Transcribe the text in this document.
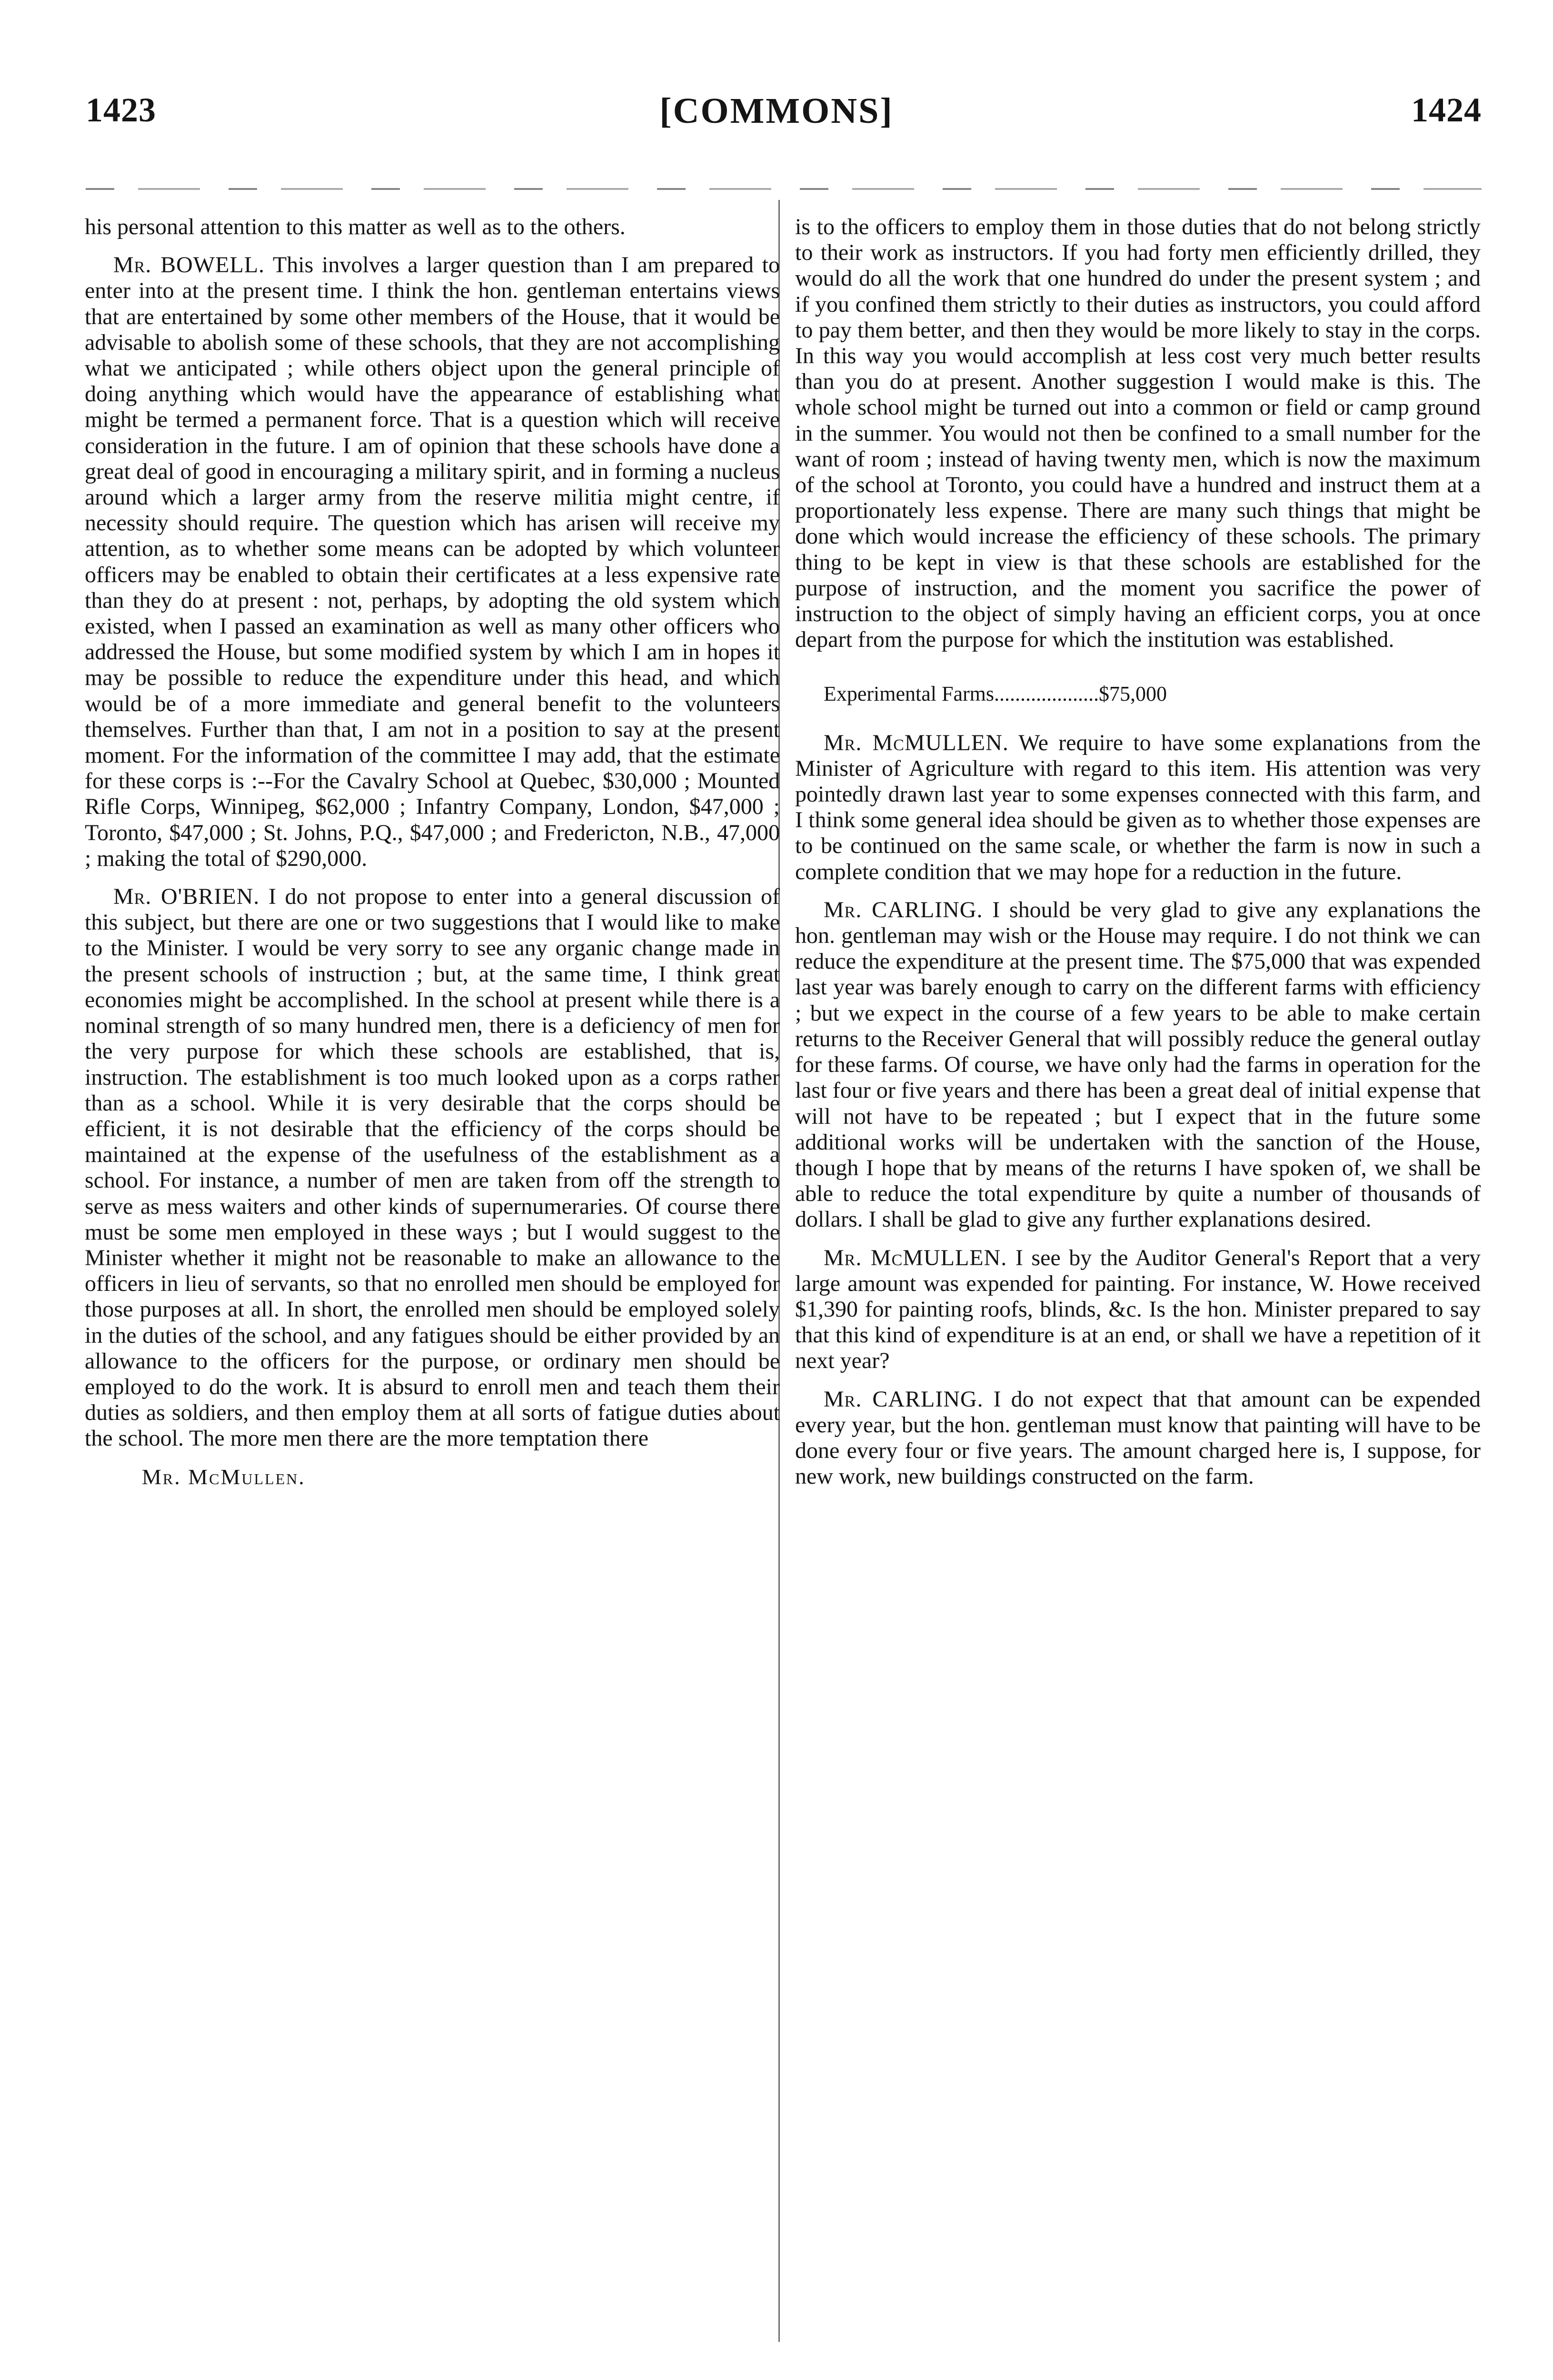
1423	[COMMONS]	1424

his personal attention to this matter as well as to the others.

Mr. BOWELL. This involves a larger question than I am prepared to enter into at the present time. I think the hon. gentleman entertains views that are entertained by some other members of the House, that it would be advisable to abolish some of these schools, that they are not accomplishing what we anticipated ; while others object upon the general principle of doing anything which would have the appearance of establishing what might be termed a permanent force. That is a question which will receive consideration in the future. I am of opinion that these schools have done a great deal of good in encouraging a military spirit, and in forming a nucleus around which a larger army from the reserve militia might centre, if necessity should require. The question which has arisen will receive my attention, as to whether some means can be adopted by which volunteer officers may be enabled to obtain their certificates at a less expensive rate than they do at present : not, perhaps, by adopting the old system which existed, when I passed an examination as well as many other officers who addressed the House, but some modified system by which I am in hopes it may be possible to reduce the expenditure under this head, and which would be of a more immediate and general benefit to the volunteers themselves. Further than that, I am not in a position to say at the present moment. For the information of the committee I may add, that the estimate for these corps is :--For the Cavalry School at Quebec, $30,000 ; Mounted Rifle Corps, Winnipeg, $62,000 ; Infantry Company, London, $47,000 ; Toronto, $47,000 ; St. Johns, P.Q., $47,000 ; and Fredericton, N.B., 47,000 ; making the total of $290,000.

Mr. O'BRIEN. I do not propose to enter into a general discussion of this subject, but there are one or two suggestions that I would like to make to the Minister. I would be very sorry to see any organic change made in the present schools of instruction ; but, at the same time, I think great economies might be accomplished. In the school at present while there is a nominal strength of so many hundred men, there is a deficiency of men for the very purpose for which these schools are established, that is, instruction. The establishment is too much looked upon as a corps rather than as a school. While it is very desirable that the corps should be efficient, it is not desirable that the efficiency of the corps should be maintained at the expense of the usefulness of the establishment as a school. For instance, a number of men are taken from off the strength to serve as mess waiters and other kinds of supernumeraries. Of course there must be some men employed in these ways ; but I would suggest to the Minister whether it might not be reasonable to make an allowance to the officers in lieu of servants, so that no enrolled men should be employed for those purposes at all. In short, the enrolled men should be employed solely in the duties of the school, and any fatigues should be either provided by an allowance to the officers for the purpose, or ordinary men should be employed to do the work. It is absurd to enroll men and teach them their duties as soldiers, and then employ them at all sorts of fatigue duties about the school. The more men there are the more temptation there

Mr. McMullen.

is to the officers to employ them in those duties that do not belong strictly to their work as instructors. If you had forty men efficiently drilled, they would do all the work that one hundred do under the present system ; and if you confined them strictly to their duties as instructors, you could afford to pay them better, and then they would be more likely to stay in the corps. In this way you would accomplish at less cost very much better results than you do at present. Another suggestion I would make is this. The whole school might be turned out into a common or field or camp ground in the summer. You would not then be confined to a small number for the want of room ; instead of having twenty men, which is now the maximum of the school at Toronto, you could have a hundred and instruct them at a proportionately less expense. There are many such things that might be done which would increase the efficiency of these schools. The primary thing to be kept in view is that these schools are established for the purpose of instruction, and the moment you sacrifice the power of instruction to the object of simply having an efficient corps, you at once depart from the purpose for which the institution was established.

Experimental Farms....................$75,000

Mr. McMULLEN. We require to have some explanations from the Minister of Agriculture with regard to this item. His attention was very pointedly drawn last year to some expenses connected with this farm, and I think some general idea should be given as to whether those expenses are to be continued on the same scale, or whether the farm is now in such a complete condition that we may hope for a reduction in the future.

Mr. CARLING. I should be very glad to give any explanations the hon. gentleman may wish or the House may require. I do not think we can reduce the expenditure at the present time. The $75,000 that was expended last year was barely enough to carry on the different farms with efficiency ; but we expect in the course of a few years to be able to make certain returns to the Receiver General that will possibly reduce the general outlay for these farms. Of course, we have only had the farms in operation for the last four or five years and there has been a great deal of initial expense that will not have to be repeated ; but I expect that in the future some additional works will be undertaken with the sanction of the House, though I hope that by means of the returns I have spoken of, we shall be able to reduce the total expenditure by quite a number of thousands of dollars. I shall be glad to give any further explanations desired.

Mr. McMULLEN. I see by the Auditor General's Report that a very large amount was expended for painting. For instance, W. Howe received $1,390 for painting roofs, blinds, &c. Is the hon. Minister prepared to say that this kind of expenditure is at an end, or shall we have a repetition of it next year?

Mr. CARLING. I do not expect that that amount can be expended every year, but the hon. gentleman must know that painting will have to be done every four or five years. The amount charged here is, I suppose, for new work, new buildings constructed on the farm.
